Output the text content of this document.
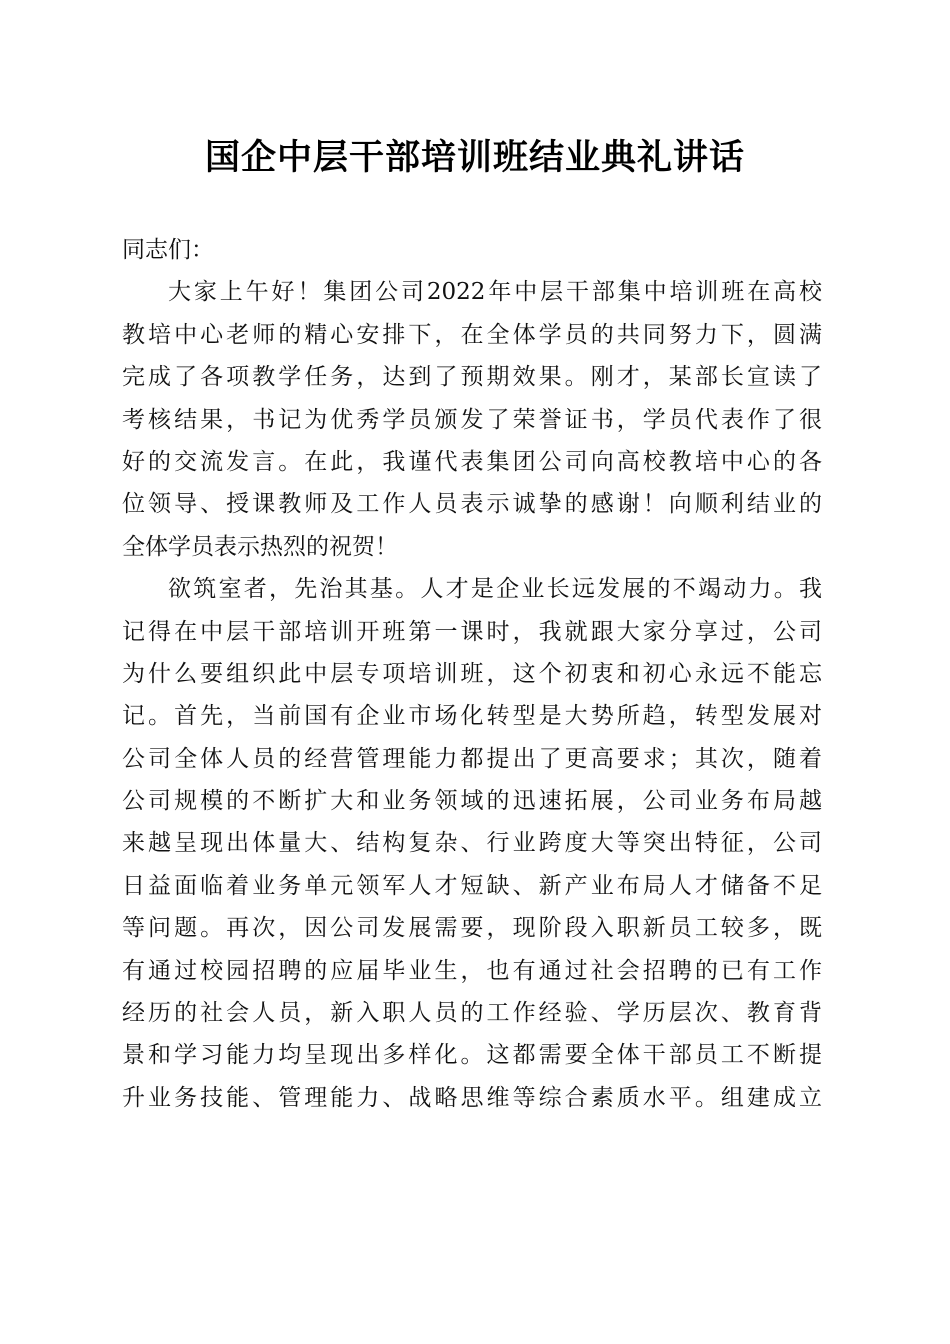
国企中层干部培训班结业典礼讲话
同志们：
大家上午好！集团公司2022年中层干部集中培训班在高校
教培中心老师的精心安排下，在全体学员的共同努力下，圆满
完成了各项教学任务，达到了预期效果。刚才，某部长宣读了
考核结果，书记为优秀学员颁发了荣誉证书，学员代表作了很
好的交流发言。在此，我谨代表集团公司向高校教培中心的各
位领导、授课教师及工作人员表示诚挚的感谢！向顺利结业的
全体学员表示热烈的祝贺！
欲筑室者，先治其基。人才是企业长远发展的不竭动力。我
记得在中层干部培训开班第一课时，我就跟大家分享过，公司
为什么要组织此中层专项培训班，这个初衷和初心永远不能忘
记。首先，当前国有企业市场化转型是大势所趋，转型发展对
公司全体人员的经营管理能力都提出了更高要求；其次，随着
公司规模的不断扩大和业务领域的迅速拓展，公司业务布局越
来越呈现出体量大、结构复杂、行业跨度大等突出特征，公司
日益面临着业务单元领军人才短缺、新产业布局人才储备不足
等问题。再次，因公司发展需要，现阶段入职新员工较多，既
有通过校园招聘的应届毕业生，也有通过社会招聘的已有工作
经历的社会人员，新入职人员的工作经验、学历层次、教育背
景和学习能力均呈现出多样化。这都需要全体干部员工不断提
升业务技能、管理能力、战略思维等综合素质水平。组建成立
